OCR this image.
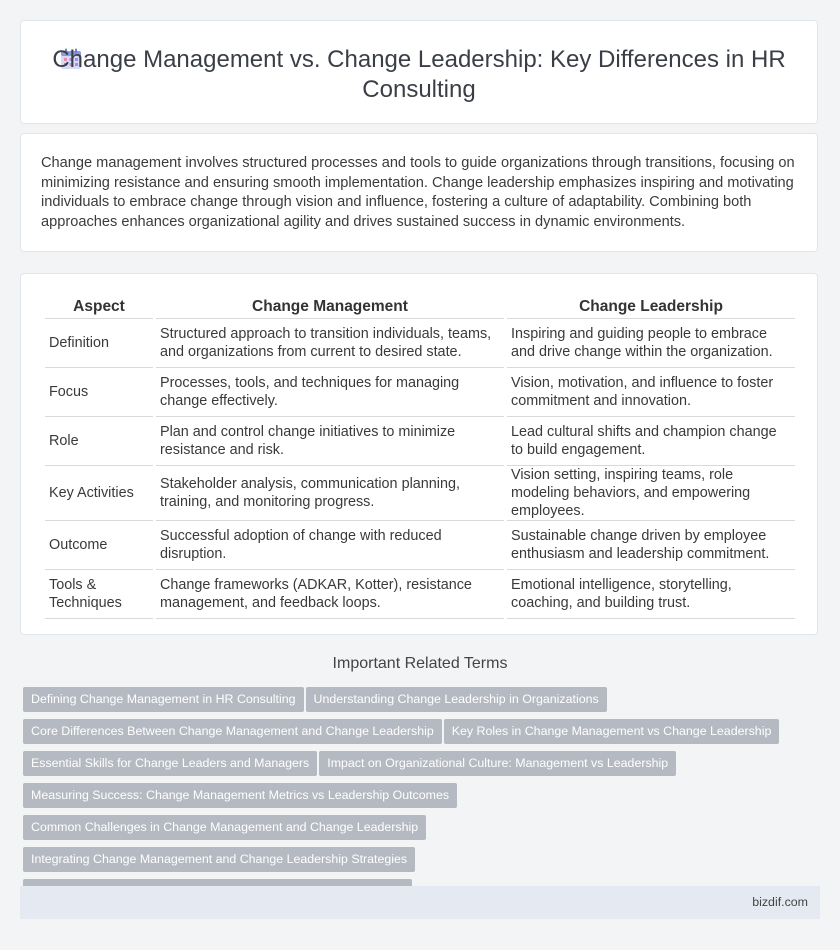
Change Management vs. Change Leadership: Key Differences in HR Consulting

Change management involves structured processes and tools to guide organizations through transitions, focusing on minimizing resistance and ensuring smooth implementation. Change leadership emphasizes inspiring and motivating individuals to embrace change through vision and influence, fostering a culture of adaptability. Combining both approaches enhances organizational agility and drives sustained success in dynamic environments.

Aspect	Change Management	Change Leadership
Definition	Structured approach to transition individuals, teams, and organizations from current to desired state.	Inspiring and guiding people to embrace and drive change within the organization.
Focus	Processes, tools, and techniques for managing change effectively.	Vision, motivation, and influence to foster commitment and innovation.
Role	Plan and control change initiatives to minimize resistance and risk.	Lead cultural shifts and champion change to build engagement.
Key Activities	Stakeholder analysis, communication planning, training, and monitoring progress.	Vision setting, inspiring teams, role modeling behaviors, and empowering employees.
Outcome	Successful adoption of change with reduced disruption.	Sustainable change driven by employee enthusiasm and leadership commitment.
Tools & Techniques	Change frameworks (ADKAR, Kotter), resistance management, and feedback loops.	Emotional intelligence, storytelling, coaching, and building trust.
Important Related Terms
Defining Change Management in HR Consulting Understanding Change Leadership in Organizations
Core Differences Between Change Management and Change Leadership Key Roles in Change Management vs Change Leadership
Essential Skills for Change Leaders and Managers Impact on Organizational Culture: Management vs Leadership
Measuring Success: Change Management Metrics vs Leadership Outcomes
Common Challenges in Change Management and Change LeadershipIntegrating Change Management and Change Leadership Strategies

bizdif.com
